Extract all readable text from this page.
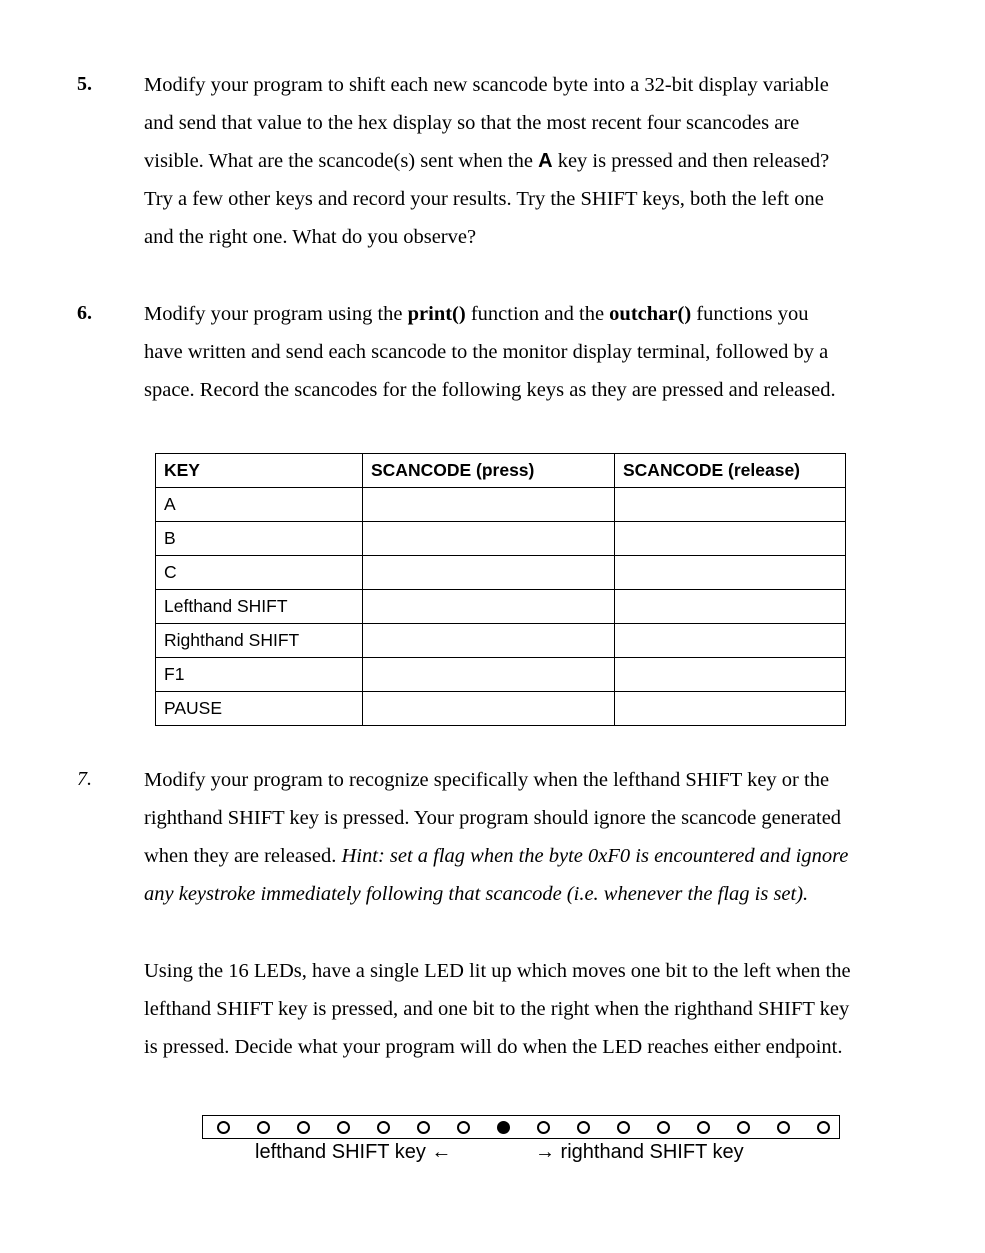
5.	Modify your program to shift each new scancode byte into a 32-bit display variable
and send that value to the hex display so that the most recent four scancodes are
visible. What are the scancode(s) sent when the A key is pressed and then released?
Try a few other keys and record your results. Try the SHIFT keys, both the left one
and the right one. What do you observe?
6.	Modify your program using the print() function and the outchar() functions you
have written and send each scancode to the monitor display terminal, followed by a
space. Record the scancodes for the following keys as they are pressed and released.
KEY	SCANCODE (press)	SCANCODE (release)
A		
B		
C		
Lefthand SHIFT		
Righthand SHIFT		
F1		
PAUSE		
7.	Modify your program to recognize specifically when the lefthand SHIFT key or the
righthand SHIFT key is pressed. Your program should ignore the scancode generated
when they are released. Hint: set a flag when the byte 0xF0 is encountered and ignore
any keystroke immediately following that scancode (i.e. whenever the flag is set).
Using the 16 LEDs, have a single LED lit up which moves one bit to the left when the
lefthand SHIFT key is pressed, and one bit to the right when the righthand SHIFT key
is pressed. Decide what your program will do when the LED reaches either endpoint.
lefthand SHIFT key ←	→ righthand SHIFT key
